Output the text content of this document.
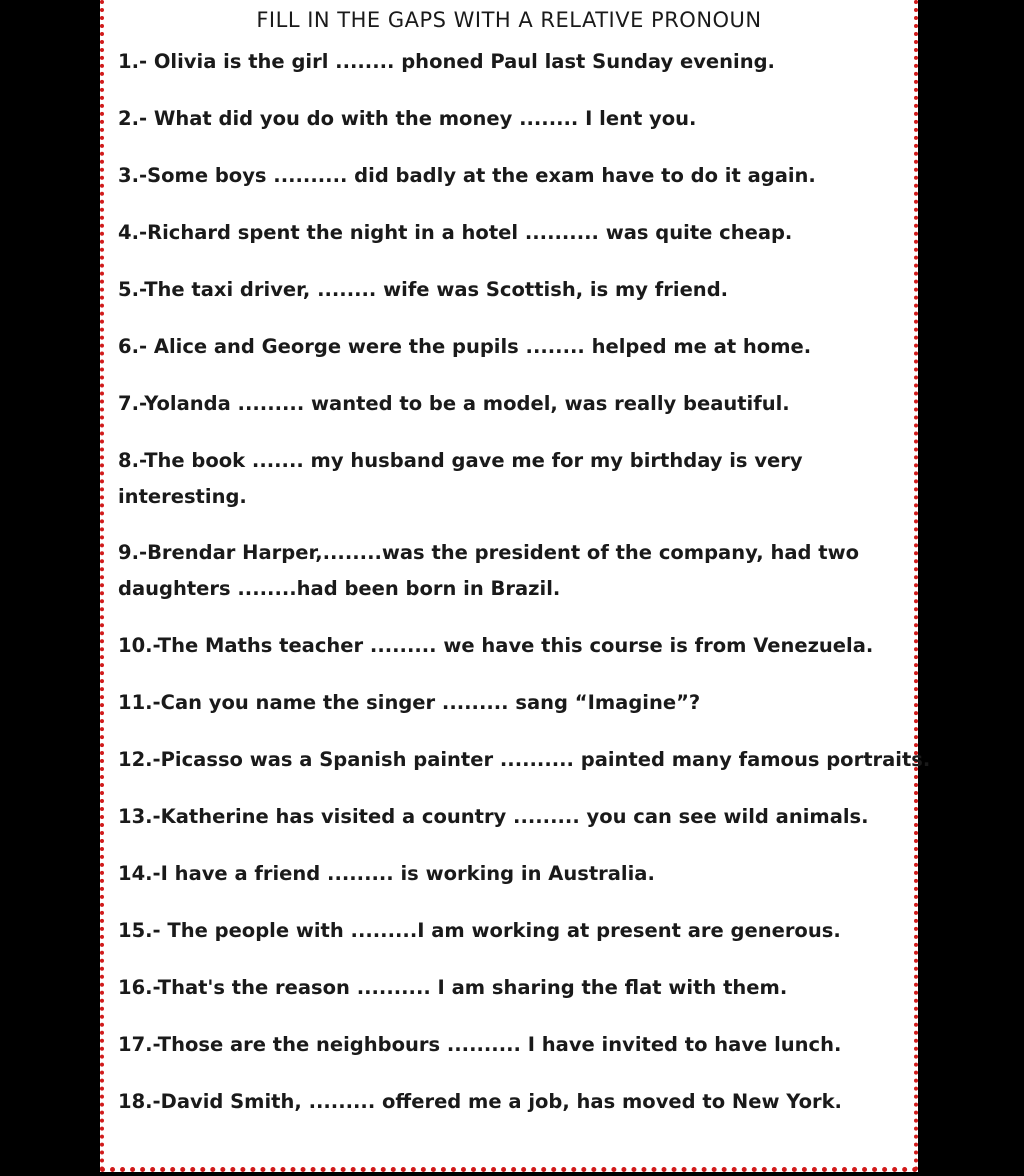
FILL IN THE GAPS WITH A RELATIVE PRONOUN

1.- Olivia is the girl ........ phoned Paul last Sunday evening.

2.- What did you do with the money ........ I lent you.

3.-Some boys .......... did badly at the exam have to do it again.

4.-Richard spent the night in a hotel .......... was quite cheap.

5.-The taxi driver, ........ wife was Scottish, is my friend.

6.- Alice and George were the pupils ........ helped me at home.

7.-Yolanda ......... wanted to be a model, was really beautiful.

8.-The book ....... my husband gave me for my birthday is very interesting.

9.-Brendar Harper,........was the president of the company, had two daughters ........had been born in Brazil.

10.-The Maths teacher ......... we have this course is from Venezuela.

11.-Can you name the singer ......... sang “Imagine”?

12.-Picasso was a Spanish painter .......... painted many famous portraits.

13.-Katherine has visited a country ......... you can see wild animals.

14.-I have a friend ......... is working in Australia.

15.- The people with .........I am working at present are generous.

16.-That's the reason .......... I am sharing the flat with them.

17.-Those are the neighbours .......... I have invited to have lunch.

18.-David Smith, ......... offered me a job, has moved to New York.
